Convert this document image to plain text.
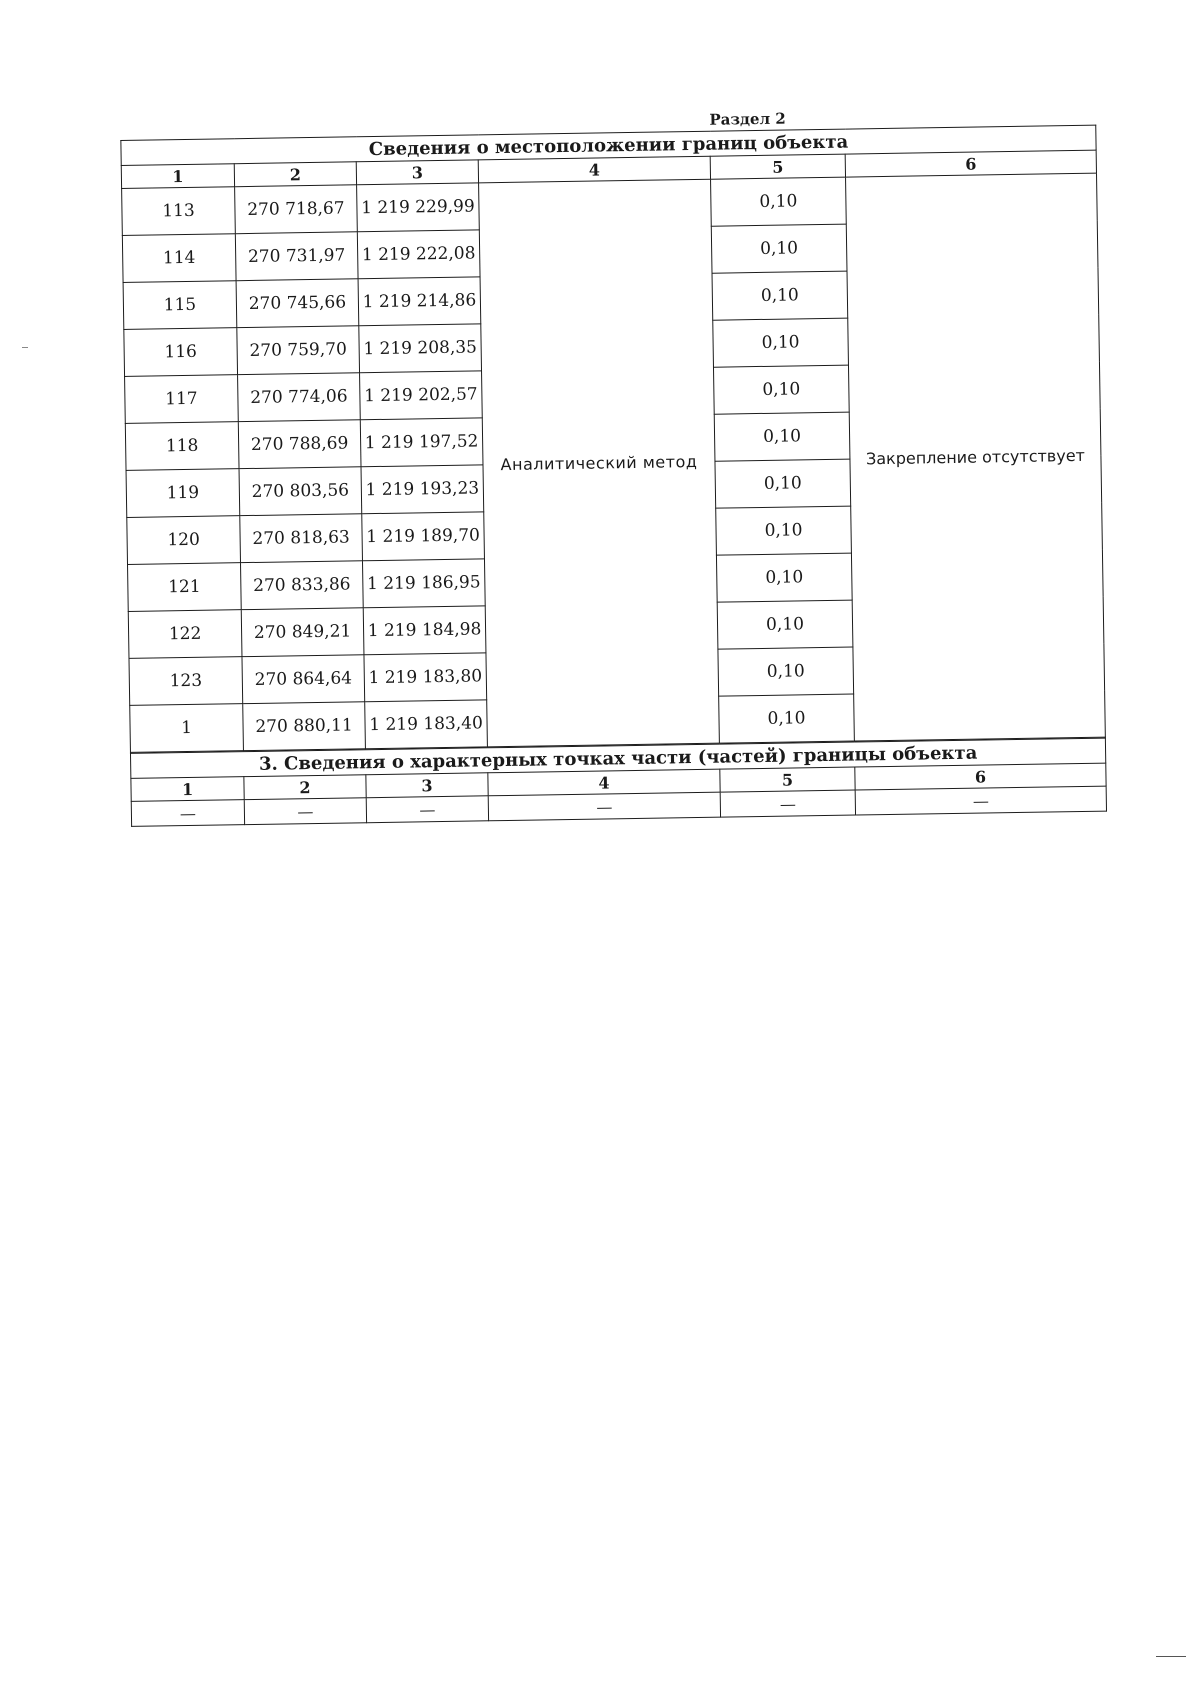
Раздел 2
Сведения о местоположении границ объекта					
1	2	3	4	5	6
113	270 718,67	1 219 229,99	Аналитический метод	0,10	Закрепление отсутствует
114	270 731,97	1 219 222,08		0,10	
115	270 745,66	1 219 214,86		0,10	
116	270 759,70	1 219 208,35		0,10	
117	270 774,06	1 219 202,57		0,10	
118	270 788,69	1 219 197,52		0,10	
119	270 803,56	1 219 193,23		0,10	
120	270 818,63	1 219 189,70		0,10	
121	270 833,86	1 219 186,95		0,10	
122	270 849,21	1 219 184,98		0,10	
123	270 864,64	1 219 183,80		0,10	
1	270 880,11	1 219 183,40		0,10	
3. Сведения о характерных точках части (частей) границы объекта					
1	2	3	4	5	6
—	—	—	—	—	—
